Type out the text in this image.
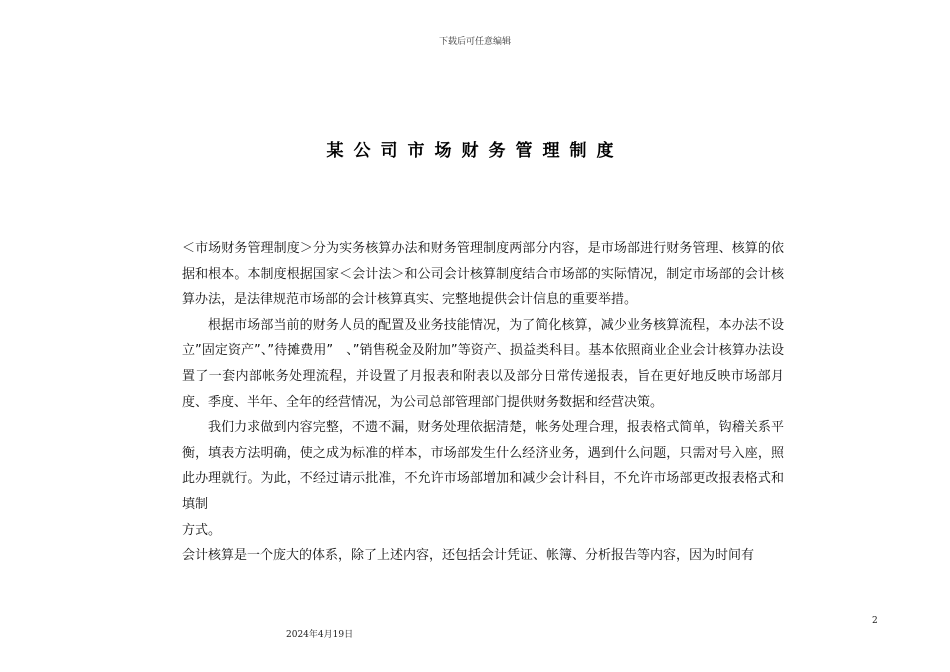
下载后可任意编辑
某公司市场财务管理制度

＜市场财务管理制度＞分为实务核算办法和财务管理制度两部分内容，是市场部进行财务管理、核算的依据和根本。本制度根据国家＜会计法＞和公司会计核算制度结合市场部的实际情况，制定市场部的会计核算办法，是法律规范市场部的会计核算真实、完整地提供会计信息的重要举措。

根据市场部当前的财务人员的配置及业务技能情况，为了简化核算，减少业务核算流程，本办法不设立”固定资产”、”待摊费用”　、”销售税金及附加”等资产、损益类科目。基本依照商业企业会计核算办法设置了一套内部帐务处理流程，并设置了月报表和附表以及部分日常传递报表，旨在更好地反映市场部月度、季度、半年、全年的经营情况，为公司总部管理部门提供财务数据和经营决策。

我们力求做到内容完整，不遗不漏，财务处理依据清楚，帐务处理合理，报表格式简单，钩稽关系平衡，填表方法明确，使之成为标准的样本，市场部发生什么经济业务，遇到什么问题，只需对号入座，照此办理就行。为此，不经过请示批准，不允许市场部增加和减少会计科目，不允许市场部更改报表格式和填制

方式。

会计核算是一个庞大的体系，除了上述内容，还包括会计凭证、帐簿、分析报告等内容，因为时间有

2
2024年4月19日
